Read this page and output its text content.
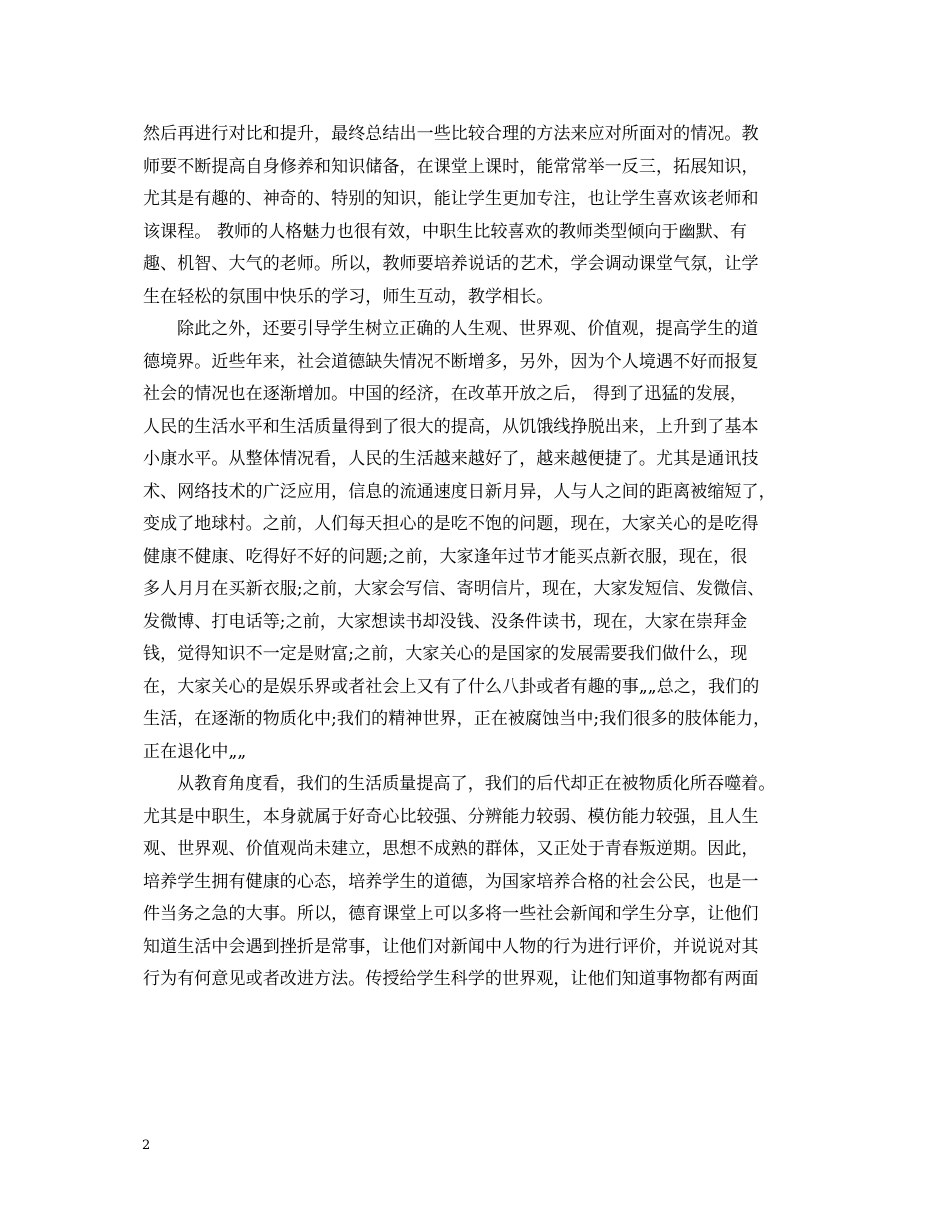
然后再进行对比和提升，最终总结出一些比较合理的方法来应对所面对的情况。教
师要不断提高自身修养和知识储备，在课堂上课时，能常常举一反三，拓展知识，
尤其是有趣的、神奇的、特别的知识，能让学生更加专注，也让学生喜欢该老师和
该课程。 教师的人格魅力也很有效，中职生比较喜欢的教师类型倾向于幽默、有
趣、机智、大气的老师。所以，教师要培养说话的艺术，学会调动课堂气氛，让学
生在轻松的氛围中快乐的学习，师生互动，教学相长。
除此之外，还要引导学生树立正确的人生观、世界观、价值观，提高学生的道
德境界。近些年来，社会道德缺失情况不断增多，另外，因为个人境遇不好而报复
社会的情况也在逐渐增加。中国的经济，在改革开放之后， 得到了迅猛的发展，
人民的生活水平和生活质量得到了很大的提高，从饥饿线挣脱出来，上升到了基本
小康水平。从整体情况看，人民的生活越来越好了，越来越便捷了。尤其是通讯技
术、网络技术的广泛应用，信息的流通速度日新月异，人与人之间的距离被缩短了，
变成了地球村。之前，人们每天担心的是吃不饱的问题，现在，大家关心的是吃得
健康不健康、吃得好不好的问题;之前，大家逢年过节才能买点新衣服，现在，很
多人月月在买新衣服;之前，大家会写信、寄明信片，现在，大家发短信、发微信、
发微博、打电话等;之前，大家想读书却没钱、没条件读书，现在，大家在崇拜金
钱，觉得知识不一定是财富;之前，大家关心的是国家的发展需要我们做什么，现
在，大家关心的是娱乐界或者社会上又有了什么八卦或者有趣的事„„总之，我们的
生活，在逐渐的物质化中;我们的精神世界，正在被腐蚀当中;我们很多的肢体能力，
正在退化中„„
从教育角度看，我们的生活质量提高了，我们的后代却正在被物质化所吞噬着。
尤其是中职生，本身就属于好奇心比较强、分辨能力较弱、模仿能力较强，且人生
观、世界观、价值观尚未建立，思想不成熟的群体，又正处于青春叛逆期。因此，
培养学生拥有健康的心态，培养学生的道德，为国家培养合格的社会公民，也是一
件当务之急的大事。所以，德育课堂上可以多将一些社会新闻和学生分享，让他们
知道生活中会遇到挫折是常事，让他们对新闻中人物的行为进行评价，并说说对其
行为有何意见或者改进方法。传授给学生科学的世界观，让他们知道事物都有两面
2
